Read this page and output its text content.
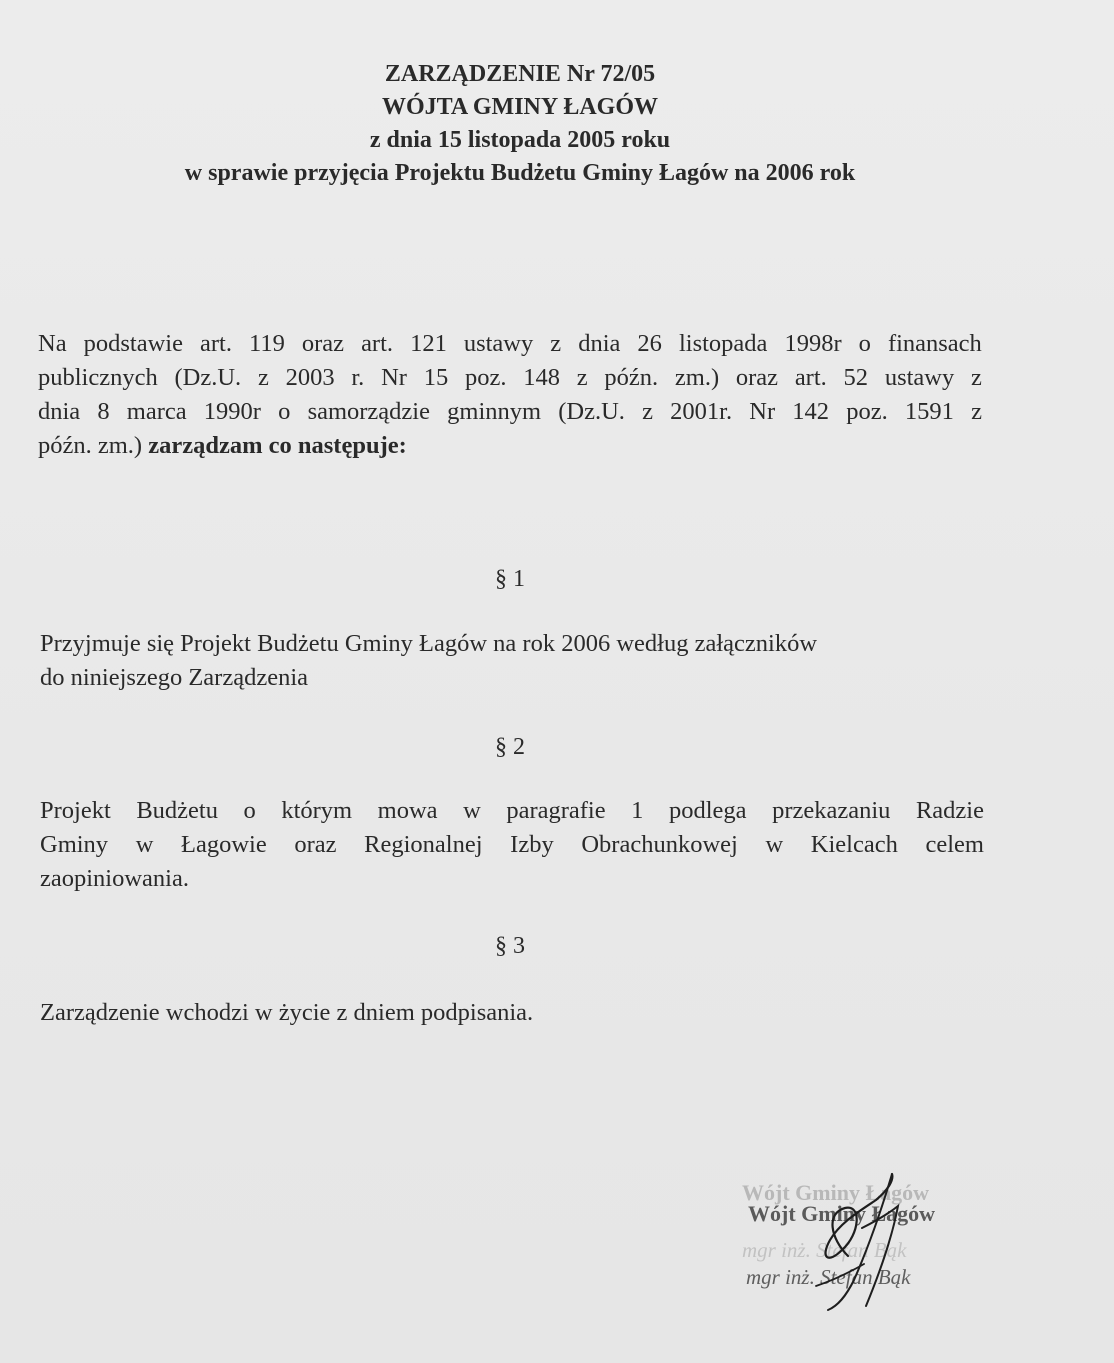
ZARZĄDZENIE Nr 72/05
WÓJTA GMINY ŁAGÓW
z dnia 15 listopada 2005 roku
w sprawie przyjęcia Projektu Budżetu Gminy Łagów na 2006 rok
Na podstawie art. 119 oraz art. 121 ustawy z dnia 26 listopada 1998r o finansach
publicznych (Dz.U. z 2003 r. Nr 15 poz. 148 z późn. zm.) oraz art. 52 ustawy z
dnia 8 marca 1990r o samorządzie gminnym (Dz.U. z 2001r. Nr 142 poz. 1591 z
późn. zm.) zarządzam co następuje:
§ 1
Przyjmuje się Projekt Budżetu Gminy Łagów na rok 2006 według załączników
do niniejszego Zarządzenia
§ 2
Projekt Budżetu o którym mowa w paragrafie 1 podlega przekazaniu Radzie
Gminy w Łagowie oraz Regionalnej Izby Obrachunkowej w Kielcach celem
zaopiniowania.
§ 3
Zarządzenie wchodzi w życie z dniem podpisania.
Wójt Gminy Łagów
Wójt Gminy Łagów
mgr inż. Stefan Bąk
mgr inż. Stefan Bąk
